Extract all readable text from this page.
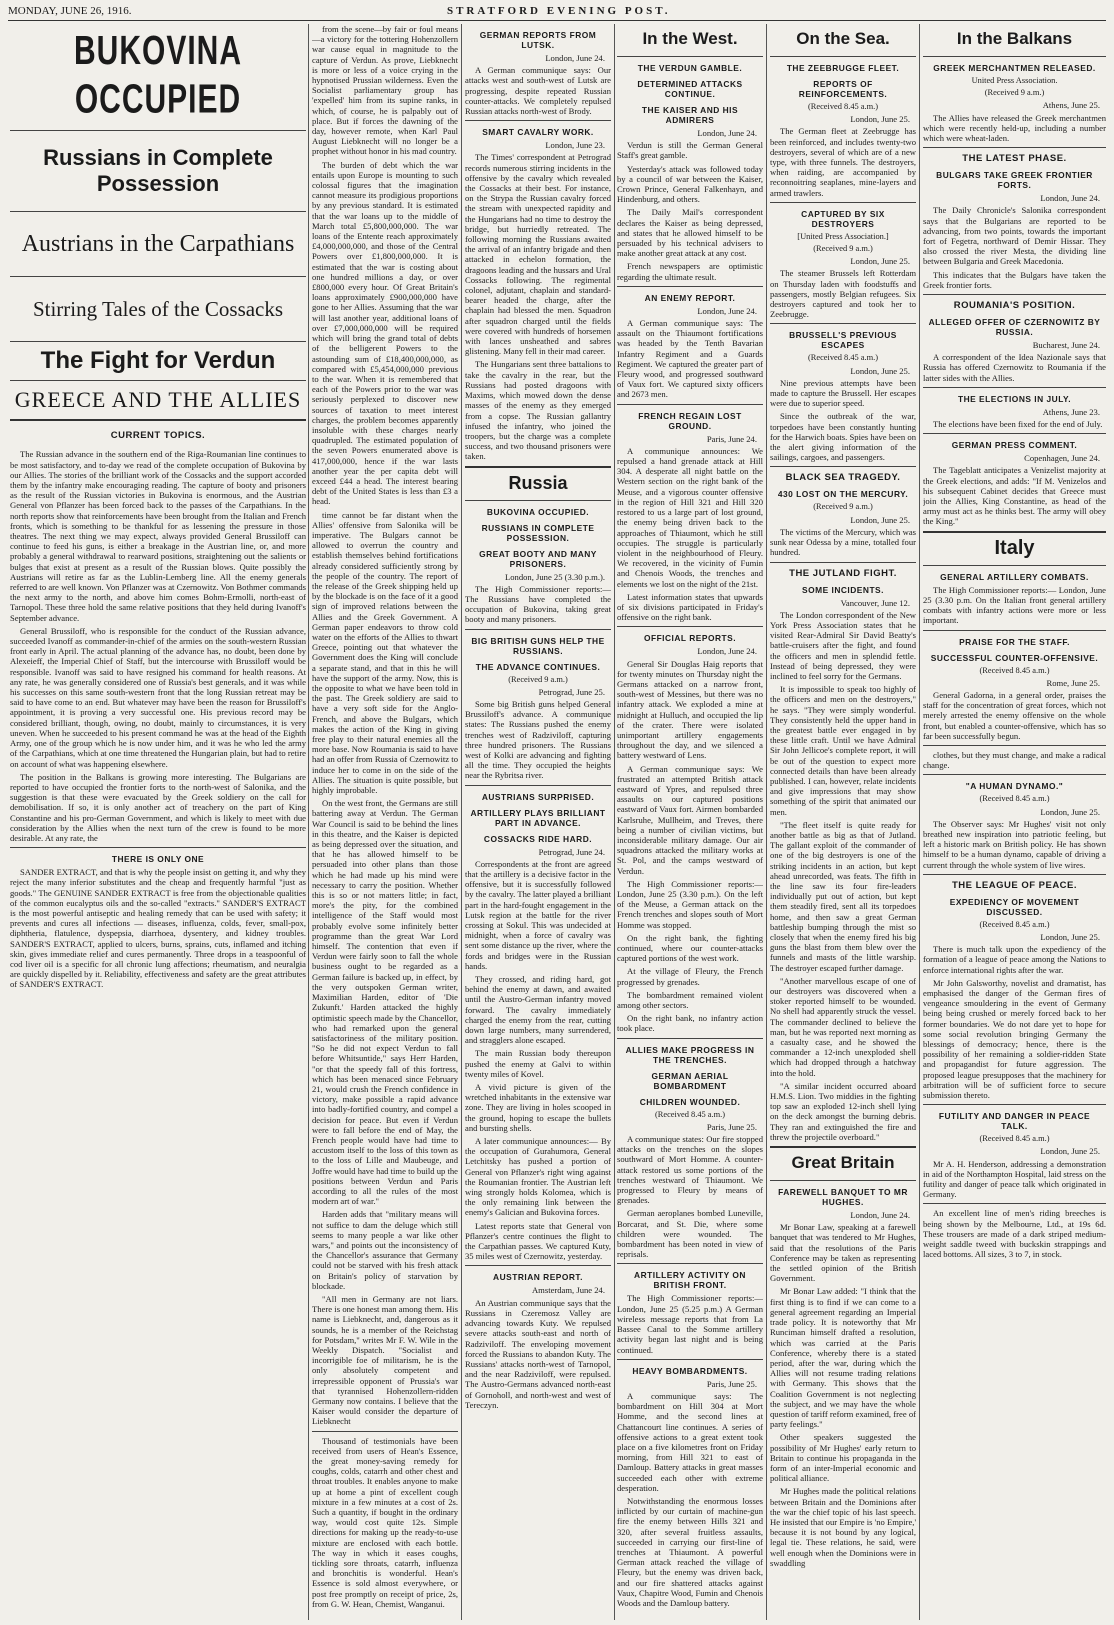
MONDAY, JUNE 26, 1916.	STRATFORD EVENING POST.
BUKOVINA OCCUPIED
Russians in Complete Possession
Austrians in the Carpathians
Stirring Tales of the Cossacks
The Fight for Verdun
GREECE AND THE ALLIES
CURRENT TOPICS.

The Russian advance in the southern end of the Riga-Roumanian line continues to be most satisfactory, and to-day we read of the complete occupation of Bukovina by our Allies. The stories of the brilliant work of the Cossacks and the support accorded them by the infantry make encouraging reading. The capture of booty and prisoners as the result of the Russian victories in Bukovina is enormous, and the Austrian General von Pflanzer has been forced back to the passes of the Carpathians. In the north reports show that reinforcements have been brought from the Italian and French fronts, which is something to be thankful for as lessening the pressure in those theatres. The next thing we may expect, always provided General Brussiloff can continue to feed his guns, is either a breakage in the Austrian line, or, and more probably a general withdrawal to rearward positions, straightening out the salients or bulges that exist at present as a result of the Russian blows. Quite possibly the Austrians will retire as far as the Lublin-Lemberg line. All the enemy generals referred to are well known. Von Pflanzer was at Czernowitz. Von Bothmer commands the next army to the north, and above him comes Bohm-Ermolli, north-east of Tarnopol. These three hold the same relative positions that they held during Ivanoff's September advance.

General Brussiloff, who is responsible for the conduct of the Russian advance, succeeded Ivanoff as commander-in-chief of the armies on the south-western Russian front early in April. The actual planning of the advance has, no doubt, been done by Alexeieff, the Imperial Chief of Staff, but the intercourse with Brussiloff would be responsible. Ivanoff was said to have resigned his command for health reasons. At any rate, he was generally considered one of Russia's best generals, and it was while his successes on this same south-western front that the long Russian retreat may be said to have come to an end. But whatever may have been the reason for Brussiloff's appointment, it is proving a very successful one. His previous record may be considered brilliant, though, owing, no doubt, mainly to circumstances, it is very uneven. When he succeeded to his present command he was at the head of the Eighth Army, one of the group which he is now under him, and it was he who led the army of the Carpathians, which at one time threatened the Hungarian plain, but had to retire on account of what was happening elsewhere.

The position in the Balkans is growing more interesting. The Bulgarians are reported to have occupied the frontier forts to the north-west of Salonika, and the suggestion is that these were evacuated by the Greek soldiery on the call for demobilisation. If so, it is only another act of treachery on the part of King Constantine and his pro-German Government, and which is likely to meet with due consideration by the Allies when the next turn of the crew is found to be more desirable. At any rate, the

THERE IS ONLY ONE

SANDER EXTRACT, and that is why the people insist on getting it, and why they reject the many inferior substitutes and the cheap and frequently harmful "just as goods." The GENUINE SANDER EXTRACT is free from the objectionable qualities of the common eucalyptus oils and the so-called "extracts." SANDER'S EXTRACT is the most powerful antiseptic and healing remedy that can be used with safety; it prevents and cures all infections — diseases, influenza, colds, fever, small-pox, diphtheria, flatulence, dyspepsia, diarrhoea, dysentery, and kidney troubles. SANDER'S EXTRACT, applied to ulcers, burns, sprains, cuts, inflamed and itching skin, gives immediate relief and cures permanently. Three drops in a teaspoonful of cod liver oil is a specific for all chronic lung affections; rheumatism, and neuralgia are quickly dispelled by it. Reliability, effectiveness and safety are the great attributes of SANDER'S EXTRACT.

from the scene—by fair or foul means—a victory for the tottering Hohenzollern war cause equal in magnitude to the capture of Verdun. As prove, Liebknecht is more or less of a voice crying in the hypnotised Prussian wilderness. Even the Socialist parliamentary group has 'expelled' him from its supine ranks, in which, of course, he is palpably out of place. But if forces the dawning of the day, however remote, when Karl Paul August Liebknecht will no longer be a prophet without honor in his mad country.

The burden of debt which the war entails upon Europe is mounting to such colossal figures that the imagination cannot measure its prodigious proportions by any previous standard. It is estimated that the war loans up to the middle of March total £5,800,000,000. The war loans of the Entente reach approximately £4,000,000,000, and those of the Central Powers over £1,800,000,000. It is estimated that the war is costing about one hundred millions a day, or over £800,000 every hour. Of Great Britain's loans approximately £900,000,000 have gone to her Allies. Assuming that the war will last another year, additional loans of over £7,000,000,000 will be required which will bring the grand total of debts of the belligerent Powers to the astounding sum of £18,400,000,000, as compared with £5,454,000,000 previous to the war. When it is remembered that each of the Powers prior to the war was seriously perplexed to discover new sources of taxation to meet interest charges, the problem becomes apparently insoluble with these charges nearly quadrupled. The estimated population of the seven Powers enumerated above is 417,000,000, hence if the war lasts another year the per capita debt will exceed £44 a head. The interest bearing debt of the United States is less than £3 a head.

time cannot be far distant when the Allies' offensive from Salonika will be imperative. The Bulgars cannot be allowed to overrun the country and establish themselves behind fortifications already considered sufficiently strong by the people of the country. The report of the release of the Greek shipping held up by the blockade is on the face of it a good sign of improved relations between the Allies and the Greek Government. A German paper endeavors to throw cold water on the efforts of the Allies to thwart Greece, pointing out that whatever the Government does the King will conclude a separate stand, and that in this he will have the support of the army. Now, this is the opposite to what we have been told in the past. The Greek soldiery are said to have a very soft side for the Anglo-French, and above the Bulgars, which makes the action of the King in giving free play to their natural enemies all the more base. Now Roumania is said to have had an offer from Russia of Czernowitz to induce her to come in on the side of the Allies. The situation is quite possible, but highly improbable.

On the west front, the Germans are still battering away at Verdun. The German War Council is said to be behind the lines in this theatre, and the Kaiser is depicted as being depressed over the situation, and that he has allowed himself to be persuaded into other plans than those which he had made up his mind were necessary to carry the position. Whether this is so or not matters little; in fact, more's the pity, for the combined intelligence of the Staff would most probably evolve some infinitely better programme than the great War Lord himself. The contention that even if Verdun were fairly soon to fall the whole business ought to be regarded as a German failure is backed up, in effect, by the very outspoken German writer, Maximilian Harden, editor of 'Die Zukunft.' Harden attacked the highly optimistic speech made by the Chancellor, who had remarked upon the general satisfactoriness of the military position. "So he did not expect Verdun to fall before Whitsuntide," says Herr Harden, "or that the speedy fall of this fortress, which has been menaced since February 21, would crush the French confidence in victory, make possible a rapid advance into badly-fortified country, and compel a decision for peace. But even if Verdun were to fall before the end of May, the French people would have had time to accustom itself to the loss of this town as to the loss of Lille and Maubeuge, and Joffre would have had time to build up the positions between Verdun and Paris according to all the rules of the most modern art of war."

Harden adds that "military means will not suffice to dam the deluge which still seems to many people a war like other wars," and points out the inconsistency of the Chancellor's assurance that Germany could not be starved with his fresh attack on Britain's policy of starvation by blockade.

"All men in Germany are not liars. There is one honest man among them. His name is Liebknecht, and, dangerous as it sounds, he is a member of the Reichstag for Potsdam," writes Mr F. W. Wile in the Weekly Dispatch. "Socialist and incorrigible foe of militarism, he is the only absolutely competent and irrepressible opponent of Prussia's war that tyrannised Hohenzollern-ridden Germany now contains. I believe that the Kaiser would consider the departure of Liebknecht

Thousand of testimonials have been received from users of Hean's Essence, the great money-saving remedy for coughs, colds, catarrh and other chest and throat troubles. It enables anyone to make up at home a pint of excellent cough mixture in a few minutes at a cost of 2s. Such a quantity, if bought in the ordinary way, would cost quite 12s. Simple directions for making up the ready-to-use mixture are enclosed with each bottle. The way in which it eases coughs, tickling sore throats, catarrh, influenza and bronchitis is wonderful. Hean's Essence is sold almost everywhere, or post free promptly on receipt of price, 2s, from G. W. Hean, Chemist, Wanganui.

GERMAN REPORTS FROM LUTSK.
London, June 24.

A German communique says: Our attacks west and south-west of Lutsk are progressing, despite repeated Russian counter-attacks. We completely repulsed Russian attacks north-west of Brody.

SMART CAVALRY WORK.
London, June 23.

The Times' correspondent at Petrograd records numerous stirring incidents in the offensive by the cavalry which revealed the Cossacks at their best. For instance, on the Strypa the Russian cavalry forced the stream with unexpected rapidity and the Hungarians had no time to destroy the bridge, but hurriedly retreated. The following morning the Russians awaited the arrival of an infantry brigade and then attacked in echelon formation, the dragoons leading and the hussars and Ural Cossacks following. The regimental colonel, adjutant, chaplain and standard-bearer headed the charge, after the chaplain had blessed the men. Squadron after squadron charged until the fields were covered with hundreds of horsemen with lances unsheathed and sabres glistening. Many fell in their mad career.

The Hungarians sent three battalions to take the cavalry in the rear, but the Russians had posted dragoons with Maxims, which mowed down the dense masses of the enemy as they emerged from a copse. The Russian gallantry infused the infantry, who joined the troopers, but the charge was a complete success, and two thousand prisoners were taken.

Russia
BUKOVINA OCCUPIED.
RUSSIANS IN COMPLETE POSSESSION.
GREAT BOOTY AND MANY PRISONERS.
London, June 25 (3.30 p.m.).

The High Commissioner reports:— The Russians have completed the occupation of Bukovina, taking great booty and many prisoners.

BIG BRITISH GUNS HELP THE RUSSIANS.
THE ADVANCE CONTINUES.
(Received 9 a.m.)
Petrograd, June 25.

Some big British guns helped General Brussiloff's advance. A communique states: The Russians pushed the enemy trenches west of Radziviloff, capturing three hundred prisoners. The Russians west of Kolki are advancing and fighting all the time. They occupied the heights near the Rybritsa river.

AUSTRIANS SURPRISED.
ARTILLERY PLAYS BRILLIANT PART IN ADVANCE.
COSSACKS RIDE HARD.
Petrograd, June 24.

Correspondents at the front are agreed that the artillery is a decisive factor in the offensive, but it is successfully followed by the cavalry. The latter played a brilliant part in the hard-fought engagement in the Lutsk region at the battle for the river crossing at Sokul. This was undecided at midnight, when a force of cavalry was sent some distance up the river, where the fords and bridges were in the Russian hands.

They crossed, and riding hard, got behind the enemy at dawn, and awaited until the Austro-German infantry moved forward. The cavalry immediately charged the enemy from the rear, cutting down large numbers, many surrendered, and stragglers alone escaped.

The main Russian body thereupon pushed the enemy at Galvi to within twenty miles of Kovel.

A vivid picture is given of the wretched inhabitants in the extensive war zone. They are living in holes scooped in the ground, hoping to escape the bullets and bursting shells.

A later communique announces:— By the occupation of Gurahumora, General Letchitsky has pushed a portion of General von Pflanzer's right wing against the Roumanian frontier. The Austrian left wing strongly holds Kolomea, which is the only remaining link between the enemy's Galician and Bukovina forces.

Latest reports state that General von Pflanzer's centre continues the flight to the Carpathian passes. We captured Kuty, 35 miles west of Czernowitz, yesterday.

AUSTRIAN REPORT.
Amsterdam, June 24.

An Austrian communique says that the Russians in Czeremosz Valley are advancing towards Kuty. We repulsed severe attacks south-east and north of Radziviloff. The enveloping movement forced the Russians to abandon Kuty. The Russians' attacks north-west of Tarnopol, and the near Radziviloff, were repulsed. The Austro-Germans advanced north-east of Gornoholl, and north-west and west of Tereczyn.

In the West.
THE VERDUN GAMBLE.
DETERMINED ATTACKS CONTINUE.
THE KAISER AND HIS ADMIRERS
London, June 24.

Verdun is still the German General Staff's great gamble.

Yesterday's attack was followed today by a council of war between the Kaiser, Crown Prince, General Falkenhayn, and Hindenburg, and others.

The Daily Mail's correspondent declares the Kaiser as being depressed, and states that he allowed himself to be persuaded by his technical advisers to make another great attack at any cost.

French newspapers are optimistic regarding the ultimate result.

AN ENEMY REPORT.
London, June 24.

A German communique says: The assault on the Thiaumont fortifications was headed by the Tenth Bavarian Infantry Regiment and a Guards Regiment. We captured the greater part of Fleury wood, and progressed southward of Vaux fort. We captured sixty officers and 2673 men.

FRENCH REGAIN LOST GROUND.
Paris, June 24.

A communique announces: We repulsed a hand grenade attack at Hill 304. A desperate all night battle on the Western section on the right bank of the Meuse, and a vigorous counter offensive in the region of Hill 321 and Hill 320 restored to us a large part of lost ground, the enemy being driven back to the approaches of Thiaumont, which he still occupies. The struggle is particularly violent in the neighbourhood of Fleury. We recovered, in the vicinity of Fumin and Chenois Woods, the trenches and elements we lost on the night of the 21st.

Latest information states that upwards of six divisions participated in Friday's offensive on the right bank.

OFFICIAL REPORTS.
London, June 24.

General Sir Douglas Haig reports that for twenty minutes on Thursday night the Germans attacked on a narrow front, south-west of Messines, but there was no infantry attack. We exploded a mine at midnight at Hulluch, and occupied the lip of the crater. There were isolated unimportant artillery engagements throughout the day, and we silenced a battery westward of Lens.

A German communique says: We frustrated an attempted British attack eastward of Ypres, and repulsed three assaults on our captured positions eastward of Vaux fort. Airmen bombarded Karlsruhe, Mullheim, and Treves, there being a number of civilian victims, but inconsiderable military damage. Our air squadrons attacked the military works at St. Pol, and the camps westward of Verdun.

The High Commissioner reports:— London, June 25 (3.30 p.m.). On the left of the Meuse, a German attack on the French trenches and slopes south of Mort Homme was stopped.

On the right bank, the fighting continued, where our counter-attacks captured portions of the west work.

At the village of Fleury, the French progressed by grenades.

The bombardment remained violent among other sectors.

On the right bank, no infantry action took place.

ALLIES MAKE PROGRESS IN THE TRENCHES.
GERMAN AERIAL BOMBARDMENT
CHILDREN WOUNDED.
(Received 8.45 a.m.)
Paris, June 25.

A communique states: Our fire stopped attacks on the trenches on the slopes southward of Mort Homme. A counter-attack restored us some portions of the trenches westward of Thiaumont. We progressed to Fleury by means of grenades.

German aeroplanes bombed Luneville, Borcarat, and St. Die, where some children were wounded. The bombardment has been noted in view of reprisals.

ARTILLERY ACTIVITY ON BRITISH FRONT.

The High Commissioner reports:— London, June 25 (5.25 p.m.) A German wireless message reports that from La Bassee Canal to the Somme artillery activity began last night and is being continued.

HEAVY BOMBARDMENTS.
Paris, June 25.

A communique says: The bombardment on Hill 304 at Mort Homme, and the second lines at Chattancourt line continues. A series of offensive actions to a great extent took place on a five kilometres front on Friday morning, from Hill 321 to east of Damloup. Battery attacks in great masses succeeded each other with extreme desperation.

Notwithstanding the enormous losses inflicted by our curtain of machine-gun fire the enemy between Hills 321 and 320, after several fruitless assaults, succeeded in carrying our first-line of trenches at Thiaumont. A powerful German attack reached the village of Fleury, but the enemy was driven back, and our fire shattered attacks against Vaux, Chapitre Wood, Fumin and Chenois Woods and the Damloup battery.

On the Sea.
THE ZEEBRUGGE FLEET.
REPORTS OF REINFORCEMENTS.
(Received 8.45 a.m.)
London, June 25.

The German fleet at Zeebrugge has been reinforced, and includes twenty-two destroyers, several of which are of a new type, with three funnels. The destroyers, when raiding, are accompanied by reconnoitring seaplanes, mine-layers and armed trawlers.

CAPTURED BY SIX DESTROYERS
[United Press Association.]
(Received 9 a.m.)
London, June 25.

The steamer Brussels left Rotterdam on Thursday laden with foodstuffs and passengers, mostly Belgian refugees. Six destroyers captured and took her to Zeebrugge.

BRUSSELL'S PREVIOUS ESCAPES
(Received 8.45 a.m.)
London, June 25.

Nine previous attempts have been made to capture the Brussell. Her escapes were due to superior speed.

Since the outbreak of the war, torpedoes have been constantly hunting for the Harwich boats. Spies have been on the alert giving information of the sailings, cargoes, and passengers.

BLACK SEA TRAGEDY.
430 LOST ON THE MERCURY.
(Received 9 a.m.)
London, June 25.

The victims of the Mercury, which was sunk near Odessa by a mine, totalled four hundred.

THE JUTLAND FIGHT.
SOME INCIDENTS.
Vancouver, June 12.

The London correspondent of the New York Press Association states that he visited Rear-Admiral Sir David Beatty's battle-cruisers after the fight, and found the officers and men in splendid fettle. Instead of being depressed, they were inclined to feel sorry for the Germans.

It is impossible to speak too highly of the officers and men on the destroyers," he says. "They were simply wonderful. They consistently held the upper hand in the greatest battle ever engaged in by these little craft. Until we have Admiral Sir John Jellicoe's complete report, it will be out of the question to expect more connected details than have been already published. I can, however, relate incidents and give impressions that may show something of the spirit that animated our men.

"The fleet itself is quite ready for another battle as big as that of Jutland. The gallant exploit of the commander of one of the big destroyers is one of the striking incidents in an action, but kept ahead unrecorded, was feats. The fifth in the line saw its four fire-leaders individually put out of action, but kept them steadily fired, sent all its torpedoes home, and then saw a great German battleship bumping through the mist so closely that when the enemy fired his big guns the blast from them blew over the funnels and masts of the little warship. The destroyer escaped further damage.

"Another marvellous escape of one of our destroyers was discovered when a stoker reported himself to be wounded. No shell had apparently struck the vessel. The commander declined to believe the man, but he was reported next morning as a casualty case, and he showed the commander a 12-inch unexploded shell which had dropped through a hatchway into the hold.

"A similar incident occurred aboard H.M.S. Lion. Two middies in the fighting top saw an exploded 12-inch shell lying on the deck amongst the burning debris. They ran and extinguished the fire and threw the projectile overboard."

Great Britain
FAREWELL BANQUET TO MR HUGHES.
London, June 24.

Mr Bonar Law, speaking at a farewell banquet that was tendered to Mr Hughes, said that the resolutions of the Paris Conference may be taken as representing the settled opinion of the British Government.

Mr Bonar Law added: "I think that the first thing is to find if we can come to a general agreement regarding an Imperial trade policy. It is noteworthy that Mr Runciman himself drafted a resolution, which was carried at the Paris Conference, whereby there is a stated period, after the war, during which the Allies will not resume trading relations with Germany. This shows that the Coalition Government is not neglecting the subject, and we may have the whole question of tariff reform examined, free of party feelings."

Other speakers suggested the possibility of Mr Hughes' early return to Britain to continue his propaganda in the form of an inter-Imperial economic and political alliance.

Mr Hughes made the political relations between Britain and the Dominions after the war the chief topic of his last speech. He insisted that our Empire is 'no Empire,' because it is not bound by any logical, legal tie. These relations, he said, were well enough when the Dominions were in swaddling

In the Balkans
GREEK MERCHANTMEN RELEASED.
United Press Association.
(Received 9 a.m.)
Athens, June 25.

The Allies have released the Greek merchantmen which were recently held-up, including a number which were wheat-laden.

THE LATEST PHASE.
BULGARS TAKE GREEK FRONTIER FORTS.
London, June 24.

The Daily Chronicle's Salonika correspondent says that the Bulgarians are reported to be advancing, from two points, towards the important fort of Fegetra, northward of Demir Hissar. They also crossed the river Mesta, the dividing line between Bulgaria and Greek Macedonia.

This indicates that the Bulgars have taken the Greek frontier forts.

ROUMANIA'S POSITION.
ALLEGED OFFER OF CZERNOWITZ BY RUSSIA.
Bucharest, June 24.

A correspondent of the Idea Nazionale says that Russia has offered Czernowitz to Roumania if the latter sides with the Allies.

THE ELECTIONS IN JULY.
Athens, June 23.

The elections have been fixed for the end of July.

GERMAN PRESS COMMENT.
Copenhagen, June 24.

The Tageblatt anticipates a Venizelist majority at the Greek elections, and adds: "If M. Venizelos and his subsequent Cabinet decides that Greece must join the Allies, King Constantine, as head of the army must act as he thinks best. The army will obey the King."

Italy
GENERAL ARTILLERY COMBATS.

The High Commissioner reports:— London, June 25 (3.30 p.m. On the Italian front general artillery combats with infantry actions were more or less important.

PRAISE FOR THE STAFF.
SUCCESSFUL COUNTER-OFFENSIVE.
(Received 8.45 a.m.)
Rome, June 25.

General Gadorna, in a general order, praises the staff for the concentration of great forces, which not merely arrested the enemy offensive on the whole front, but enabled a counter-offensive, which has so far been successfully begun.

clothes, but they must change, and make a radical change.

"A HUMAN DYNAMO."
(Received 8.45 a.m.)
London, June 25.

The Observer says: Mr Hughes' visit not only breathed new inspiration into patriotic feeling, but left a historic mark on British policy. He has shown himself to be a human dynamo, capable of driving a current through the whole system of live wires.

THE LEAGUE OF PEACE.
EXPEDIENCY OF MOVEMENT DISCUSSED.
(Received 8.45 a.m.)
London, June 25.

There is much talk upon the expediency of the formation of a league of peace among the Nations to enforce international rights after the war.

Mr John Galsworthy, novelist and dramatist, has emphasised the danger of the German fires of vengeance smouldering in the event of Germany being being crushed or merely forced back to her former boundaries. We do not dare yet to hope for some social revolution bringing Germany the blessings of democracy; hence, there is the possibility of her remaining a soldier-ridden State and propagandist for future aggression. The proposed league presupposes that the machinery for arbitration will be of sufficient force to secure submission thereto.

FUTILITY AND DANGER IN PEACE TALK.
(Received 8.45 a.m.)
London, June 25.

Mr A. H. Henderson, addressing a demonstration in aid of the Northampton Hospital, laid stress on the futility and danger of peace talk which originated in Germany.

An excellent line of men's riding breeches is being shown by the Melbourne, Ltd., at 19s 6d. These trousers are made of a dark striped medium-weight saddle tweed with buckskin strappings and laced bottoms. All sizes, 3 to 7, in stock.
